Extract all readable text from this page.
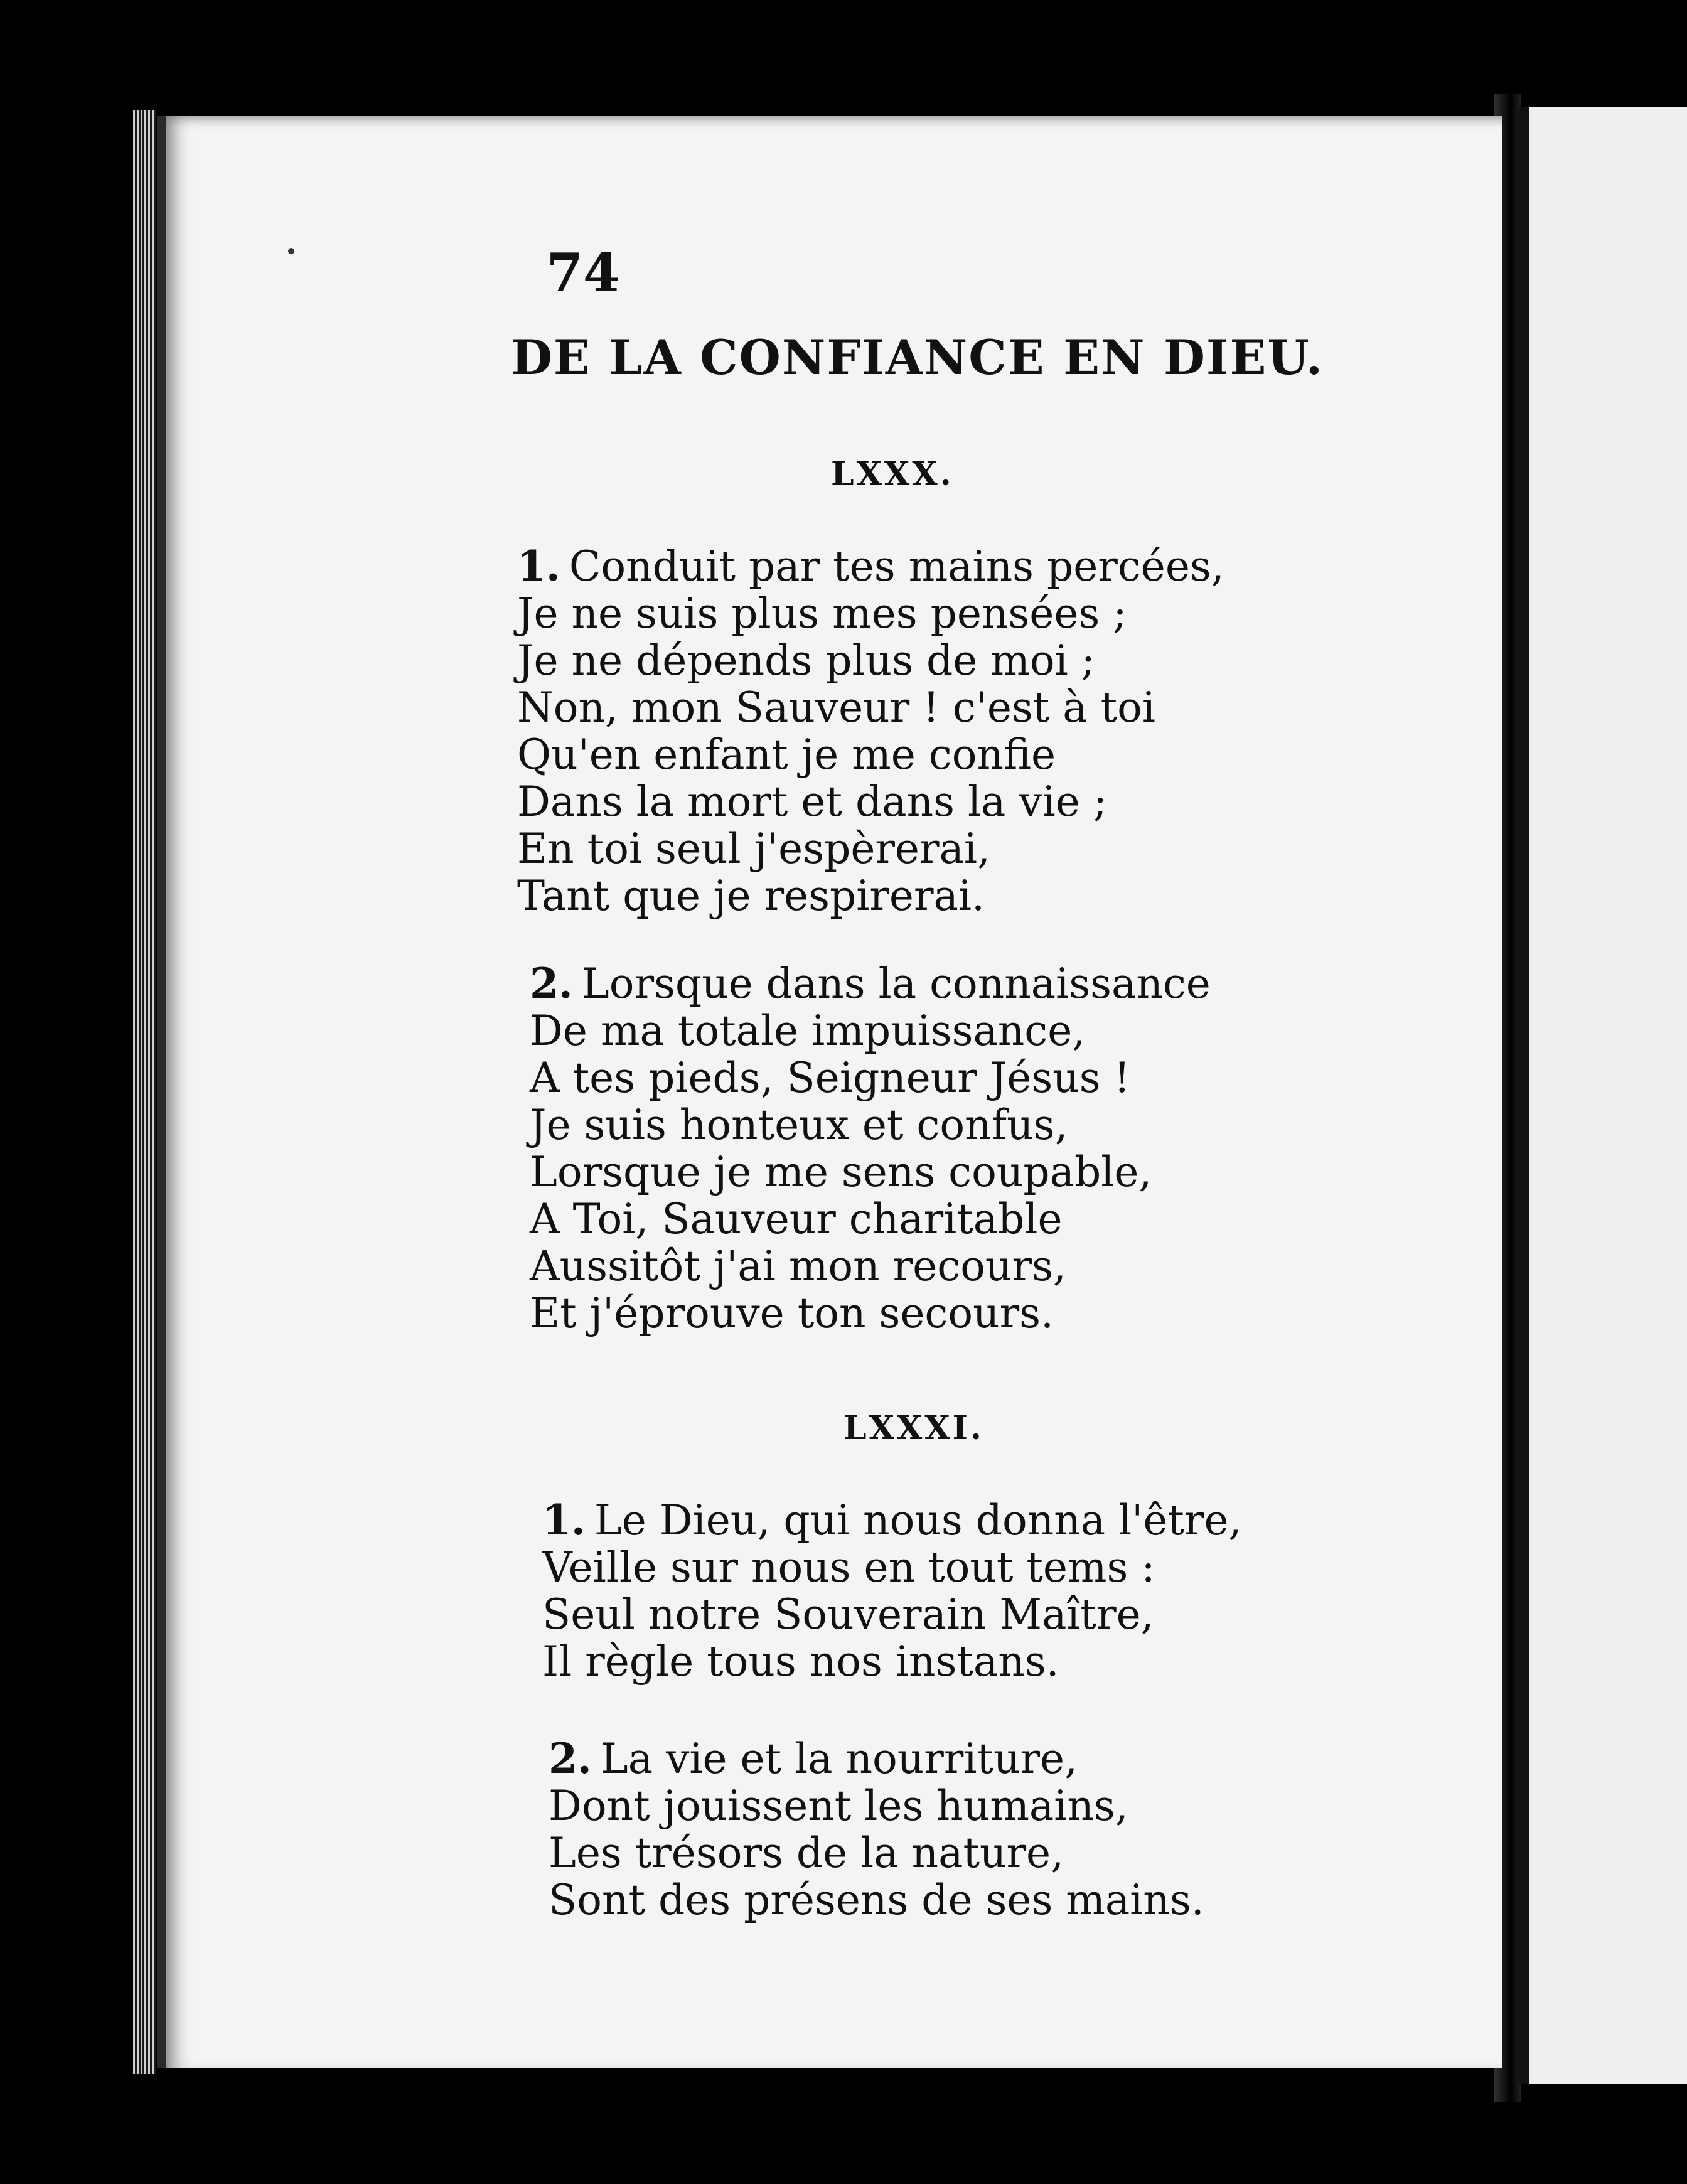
74
DE LA CONFIANCE EN DIEU.
LXXX.
1. Conduit par tes mains percées,
Je ne suis plus mes pensées ;
Je ne dépends plus de moi ;
Non, mon Sauveur ! c'est à toi
Qu'en enfant je me confie
Dans la mort et dans la vie ;
En toi seul j'espèrerai,
Tant que je respirerai.
2. Lorsque dans la connaissance
De ma totale impuissance,
A tes pieds, Seigneur Jésus !
Je suis honteux et confus,
Lorsque je me sens coupable,
A Toi, Sauveur charitable
Aussitôt j'ai mon recours,
Et j'éprouve ton secours.
LXXXI.
1. Le Dieu, qui nous donna l'être,
Veille sur nous en tout tems :
Seul notre Souverain Maître,
Il règle tous nos instans.
2. La vie et la nourriture,
Dont jouissent les humains,
Les trésors de la nature,
Sont des présens de ses mains.
